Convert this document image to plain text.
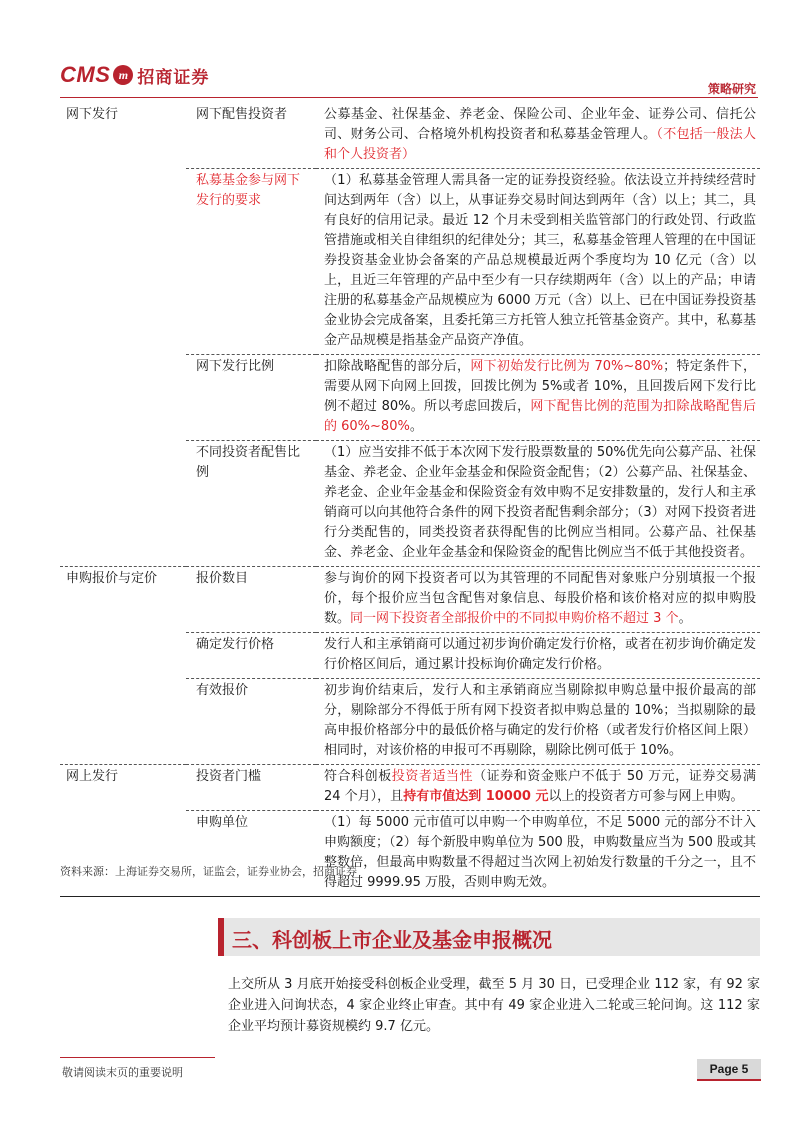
CMS m 招商证券
策略研究
网下发行	网下配售投资者	公募基金、社保基金、养老金、保险公司、企业年金、证券公司、信托公司、财务公司、合格境外机构投资者和私募基金管理人。（不包括一般法人和个人投资者）
	私募基金参与网下发行的要求	（1）私募基金管理人需具备一定的证券投资经验。依法设立并持续经营时间达到两年（含）以上，从事证券交易时间达到两年（含）以上；其二，具有良好的信用记录。最近 12 个月未受到相关监管部门的行政处罚、行政监管措施或相关自律组织的纪律处分；其三，私募基金管理人管理的在中国证券投资基金业协会备案的产品总规模最近两个季度均为 10 亿元（含）以上，且近三年管理的产品中至少有一只存续期两年（含）以上的产品；申请注册的私募基金产品规模应为 6000 万元（含）以上、已在中国证券投资基金业协会完成备案，且委托第三方托管人独立托管基金资产。其中，私募基金产品规模是指基金产品资产净值。
	网下发行比例	扣除战略配售的部分后，网下初始发行比例为 70%~80%；特定条件下，需要从网下向网上回拨，回拨比例为 5%或者 10%，且回拨后网下发行比例不超过 80%。所以考虑回拨后，网下配售比例的范围为扣除战略配售后的 60%~80%。
	不同投资者配售比例	（1）应当安排不低于本次网下发行股票数量的 50%优先向公募产品、社保基金、养老金、企业年金基金和保险资金配售；（2）公募产品、社保基金、养老金、企业年金基金和保险资金有效申购不足安排数量的，发行人和主承销商可以向其他符合条件的网下投资者配售剩余部分；（3）对网下投资者进行分类配售的，同类投资者获得配售的比例应当相同。公募产品、社保基金、养老金、企业年金基金和保险资金的配售比例应当不低于其他投资者。
申购报价与定价	报价数目	参与询价的网下投资者可以为其管理的不同配售对象账户分别填报一个报价，每个报价应当包含配售对象信息、每股价格和该价格对应的拟申购股数。同一网下投资者全部报价中的不同拟申购价格不超过 3 个。
	确定发行价格	发行人和主承销商可以通过初步询价确定发行价格，或者在初步询价确定发行价格区间后，通过累计投标询价确定发行价格。
	有效报价	初步询价结束后，发行人和主承销商应当剔除拟申购总量中报价最高的部分，剔除部分不得低于所有网下投资者拟申购总量的 10%；当拟剔除的最高申报价格部分中的最低价格与确定的发行价格（或者发行价格区间上限）相同时，对该价格的申报可不再剔除，剔除比例可低于 10%。
网上发行	投资者门槛	符合科创板投资者适当性（证券和资金账户不低于 50 万元，证券交易满 24 个月），且持有市值达到 10000 元以上的投资者方可参与网上申购。
	申购单位	（1）每 5000 元市值可以申购一个申购单位，不足 5000 元的部分不计入申购额度；（2）每个新股申购单位为 500 股，申购数量应当为 500 股或其整数倍，但最高申购数量不得超过当次网上初始发行数量的千分之一，且不得超过 9999.95 万股，否则申购无效。
资料来源：上海证券交易所，证监会，证券业协会，招商证券
三、科创板上市企业及基金申报概况
上交所从 3 月底开始接受科创板企业受理，截至 5 月 30 日，已受理企业 112 家，有 92 家企业进入问询状态，4 家企业终止审查。其中有 49 家企业进入二轮或三轮问询。这 112 家企业平均预计募资规模约 9.7 亿元。
敬请阅读末页的重要说明	Page 5
